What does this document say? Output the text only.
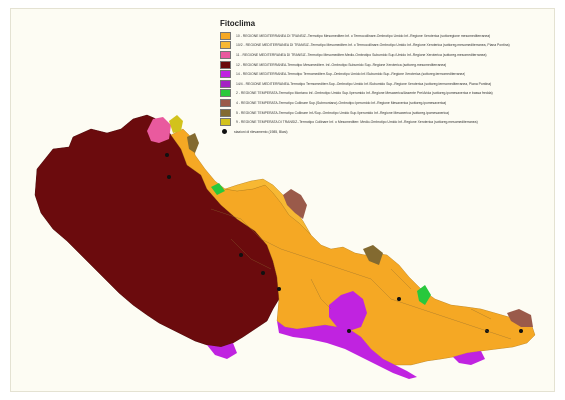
Fitoclima
10 - REGIONE MEDITERRANEA DI TRANSIZ.-Termotipo Mesomediterr.Inf. o Termocollinare-Ombrotipo Umido Inf.-Regione Xeroterica (sottoregione mesomediterranea)
10/2 - REGIONE MEDITERRANEA DI TRANSIZ.-Termotipo Mesomediterr.Inf. o Termocollinare-Ombrotipo Umido Inf.-Regione Xeroterica (sottoreg.mesomediterranea, Piana Pontina)
11 - REGIONE MEDITERRANEA DI TRANSIZ.-Termotipo Mesomediterr.Medio-Ombrotipo Subumido Sup./Umido Inf.-Regione Xeroterica (sottoreg.mesomediterranea)
12 - REGIONE MEDITERRANEA-Termotipo Mesomediterr. Inf.-Ombrotipo Subumido Sup.-Regione Xeroterica (sottoreg.mesomediterranea)
14 - REGIONE MEDITERRANEA-Termotipo Termomediterr.Sup.-Ombrotipo Umido Inf./Subumido Sup.-Regione Xeroterica (sottoreg.termomediterranea)
14/4 - REGIONE MEDITERRANEA-Termotipo Termomediterr.Sup.-Ombrotipo Umido Inf./Subumido Sup.-Regione Xeroterica (sottoreg.termomediterranea, Piana Pontina)
2 - REGIONE TEMPERATA-Termotipo Montano Inf.-Ombrotipo Umido Sup./Iperumido Inf.-Regione Mesaxerica/Assente Pre/Arida (sottoreg.ipomesaxerica e bassa fredda)
4 - REGIONE TEMPERATA-Termotipo Collinare Sup.(Submontano)-Ombrotipo Iperumido Inf.-Regione Mesaxerica (sottoreg.ipomesaxerica)
5 - REGIONE TEMPERATA-Termotipo Collinare Inf./Sup.-Ombrotipo Umido Sup./Iperumido Inf.-Regione Mesaxerica (sottoreg.ipomesaxerica)
9 - REGIONE TEMPERATA DI TRANSIZ.-Termotipo Collinare Inf. o Mesomediterr. Medio-Ombrotipo Umido Inf.-Regione Xeroterica (sottoreg.mesomediterranea)
stazioni di rilevamento (1985, Blasi)
